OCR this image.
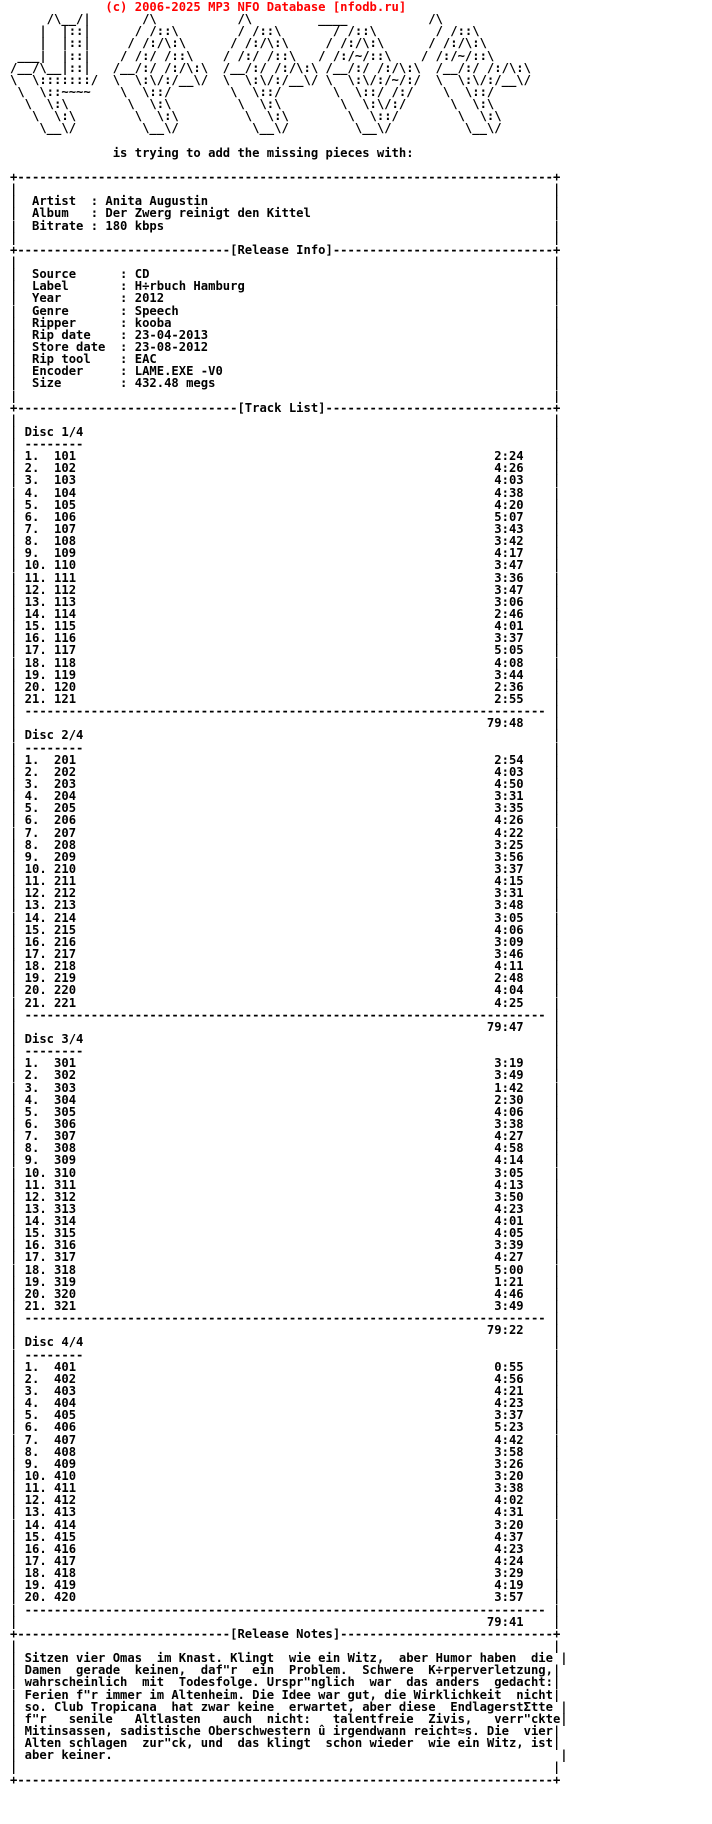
(c) 2006-2025 MP3 NFO Database [nfodb.ru]
/\__/|       /\           /\         ____           /\
|  |::|      / /::\        / /::\       / /::\        / /::\
|  |::|     / /:/\:\      / /:/\:\     / /:/\:\      / /:/\:\
___|  |::|    / /:/ /::\    / /:/ /::\   / /:/~/::\    / /:/~/::\
/__/\__|::|   /__/:/ /:/\:\  /__/:/ /:/\:\ /__/:/ /:/\:\  /__/:/ /:/\:\
\  \:::::::/  \  \:\/:/__\/  \  \:\/:/__\/ \  \:\/:/~/:/  \  \:\/:/__\/
\  \::~~~~    \  \::/        \  \::/       \  \::/ /:/    \  \::/
\  \:\        \  \:\         \  \:\        \  \:\/:/      \  \:\
\  \:\        \  \:\         \  \:\        \  \::/        \  \:\
\__\/         \__\/          \__\/         \__\/          \__\/

is trying to add the missing pieces with:

+-------------------------------------------------------------------------+
|                                                                         |
|  Artist  : Anita Augustin                                               |
|  Album   : Der Zwerg reinigt den Kittel                                 |
|  Bitrate : 180 kbps                                                     |
|                                                                         |
+-----------------------------[Release Info]------------------------------+
|                                                                         |
|  Source      : CD                                                       |
|  Label       : H÷rbuch Hamburg                                          |
|  Year        : 2012                                                     |
|  Genre       : Speech                                                   |
|  Ripper      : kooba                                                    |
|  Rip date    : 23-04-2013                                               |
|  Store date  : 23-08-2012                                               |
|  Rip tool    : EAC                                                      |
|  Encoder     : LAME.EXE -V0                                             |
|  Size        : 432.48 megs                                              |
|                                                                         |
+------------------------------[Track List]-------------------------------+
|                                                                         |
| Disc 1/4                                                                |
| --------                                                                |
| 1.  101                                                         2:24    |
| 2.  102                                                         4:26    |
| 3.  103                                                         4:03    |
| 4.  104                                                         4:38    |
| 5.  105                                                         4:20    |
| 6.  106                                                         5:07    |
| 7.  107                                                         3:43    |
| 8.  108                                                         3:42    |
| 9.  109                                                         4:17    |
| 10. 110                                                         3:47    |
| 11. 111                                                         3:36    |
| 12. 112                                                         3:47    |
| 13. 113                                                         3:06    |
| 14. 114                                                         2:46    |
| 15. 115                                                         4:01    |
| 16. 116                                                         3:37    |
| 17. 117                                                         5:05    |
| 18. 118                                                         4:08    |
| 19. 119                                                         3:44    |
| 20. 120                                                         2:36    |
| 21. 121                                                         2:55    |
| ----------------------------------------------------------------------- |
|                                                                79:48    |
| Disc 2/4                                                                |
| --------                                                                |
| 1.  201                                                         2:54    |
| 2.  202                                                         4:03    |
| 3.  203                                                         4:50    |
| 4.  204                                                         3:31    |
| 5.  205                                                         3:35    |
| 6.  206                                                         4:26    |
| 7.  207                                                         4:22    |
| 8.  208                                                         3:25    |
| 9.  209                                                         3:56    |
| 10. 210                                                         3:37    |
| 11. 211                                                         4:15    |
| 12. 212                                                         3:31    |
| 13. 213                                                         3:48    |
| 14. 214                                                         3:05    |
| 15. 215                                                         4:06    |
| 16. 216                                                         3:09    |
| 17. 217                                                         3:46    |
| 18. 218                                                         4:11    |
| 19. 219                                                         2:48    |
| 20. 220                                                         4:04    |
| 21. 221                                                         4:25    |
| ----------------------------------------------------------------------- |
|                                                                79:47    |
| Disc 3/4                                                                |
| --------                                                                |
| 1.  301                                                         3:19    |
| 2.  302                                                         3:49    |
| 3.  303                                                         1:42    |
| 4.  304                                                         2:30    |
| 5.  305                                                         4:06    |
| 6.  306                                                         3:38    |
| 7.  307                                                         4:27    |
| 8.  308                                                         4:58    |
| 9.  309                                                         4:14    |
| 10. 310                                                         3:05    |
| 11. 311                                                         4:13    |
| 12. 312                                                         3:50    |
| 13. 313                                                         4:23    |
| 14. 314                                                         4:01    |
| 15. 315                                                         4:05    |
| 16. 316                                                         3:39    |
| 17. 317                                                         4:27    |
| 18. 318                                                         5:00    |
| 19. 319                                                         1:21    |
| 20. 320                                                         4:46    |
| 21. 321                                                         3:49    |
| ----------------------------------------------------------------------- |
|                                                                79:22    |
| Disc 4/4                                                                |
| --------                                                                |
| 1.  401                                                         0:55    |
| 2.  402                                                         4:56    |
| 3.  403                                                         4:21    |
| 4.  404                                                         4:23    |
| 5.  405                                                         3:37    |
| 6.  406                                                         5:23    |
| 7.  407                                                         4:42    |
| 8.  408                                                         3:58    |
| 9.  409                                                         3:26    |
| 10. 410                                                         3:20    |
| 11. 411                                                         3:38    |
| 12. 412                                                         4:02    |
| 13. 413                                                         4:31    |
| 14. 414                                                         3:20    |
| 15. 415                                                         4:37    |
| 16. 416                                                         4:23    |
| 17. 417                                                         4:24    |
| 18. 418                                                         3:29    |
| 19. 419                                                         4:19    |
| 20. 420                                                         3:57    |
| ----------------------------------------------------------------------- |
|                                                                79:41    |
+-----------------------------[Release Notes]-----------------------------+
|                                                                         |
| Sitzen vier Omas  im Knast. Klingt  wie ein Witz,  aber Humor haben  die |
| Damen  gerade  keinen,  daf"r  ein  Problem.  Schwere  K÷rperverletzung,|
| wahrscheinlich  mit  Todesfolge. Urspr"nglich  war  das anders  gedacht:|
| Ferien f"r immer im Altenheim. Die Idee war gut, die Wirklichkeit  nicht|
| so. Club Tropicana  hat zwar keine  erwartet, aber diese  EndlagerstΣtte |
| f"r   senile   Altlasten   auch  nicht:   talentfreie  Zivis,   verr"ckte|
| Mitinsassen, sadistische Oberschwestern û irgendwann reicht≈s. Die  vier|
| Alten schlagen  zur"ck, und  das klingt  schon wieder  wie ein Witz, ist|
| aber keiner.                                                             |
|                                                                         |
+-------------------------------------------------------------------------+
